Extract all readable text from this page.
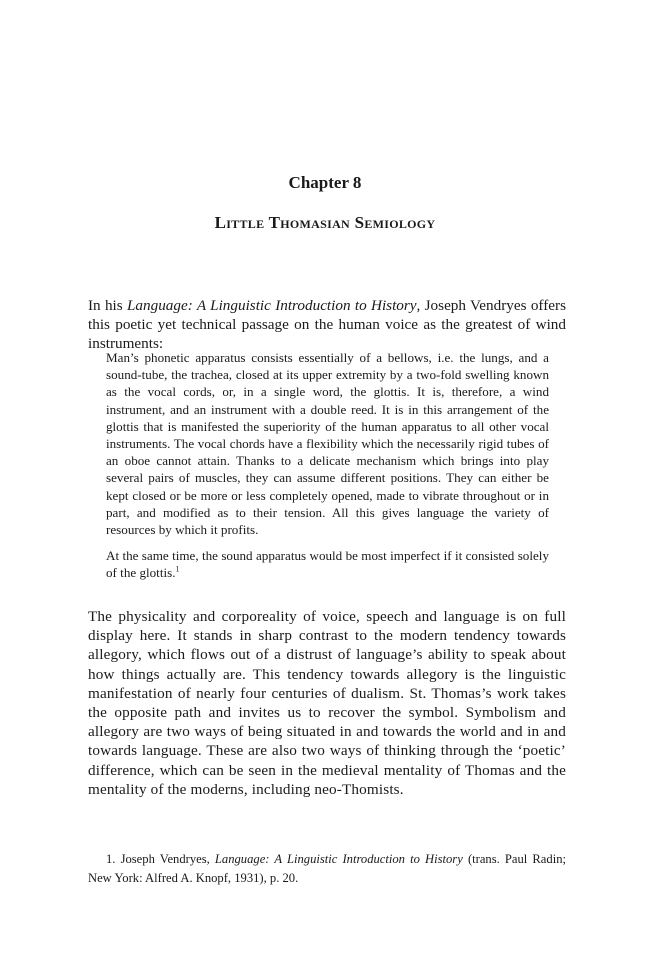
Chapter 8
Little Thomasian Semiology

In his Language: A Linguistic Introduction to History, Joseph Vendryes offers this poetic yet technical passage on the human voice as the greatest of wind instruments:

Man’s phonetic apparatus consists essentially of a bellows, i.e. the lungs, and a sound-tube, the trachea, closed at its upper extremity by a two-fold swelling known as the vocal cords, or, in a single word, the glottis. It is, therefore, a wind instrument, and an instrument with a double reed. It is in this arrangement of the glottis that is manifested the superiority of the human apparatus to all other vocal instruments. The vocal chords have a flexibility which the necessarily rigid tubes of an oboe cannot attain. Thanks to a delicate mechanism which brings into play several pairs of muscles, they can assume different positions. They can either be kept closed or be more or less completely opened, made to vibrate throughout or in part, and modified as to their tension. All this gives language the variety of resources by which it profits.

At the same time, the sound apparatus would be most imperfect if it consisted solely of the glottis.$^1$

The physicality and corporeality of voice, speech and language is on full display here. It stands in sharp contrast to the modern tendency towards allegory, which flows out of a distrust of language’s ability to speak about how things actually are. This tendency towards allegory is the linguistic manifestation of nearly four centuries of dualism. St. Thomas’s work takes the opposite path and invites us to recover the symbol. Symbolism and allegory are two ways of being situated in and towards the world and in and towards language. These are also two ways of thinking through the ‘poetic’ difference, which can be seen in the medieval mentality of Thomas and the mentality of the moderns, including neo-Thomists.

1. Joseph Vendryes, Language: A Linguistic Introduction to History (trans. Paul Radin; New York: Alfred A. Knopf, 1931), p. 20.
